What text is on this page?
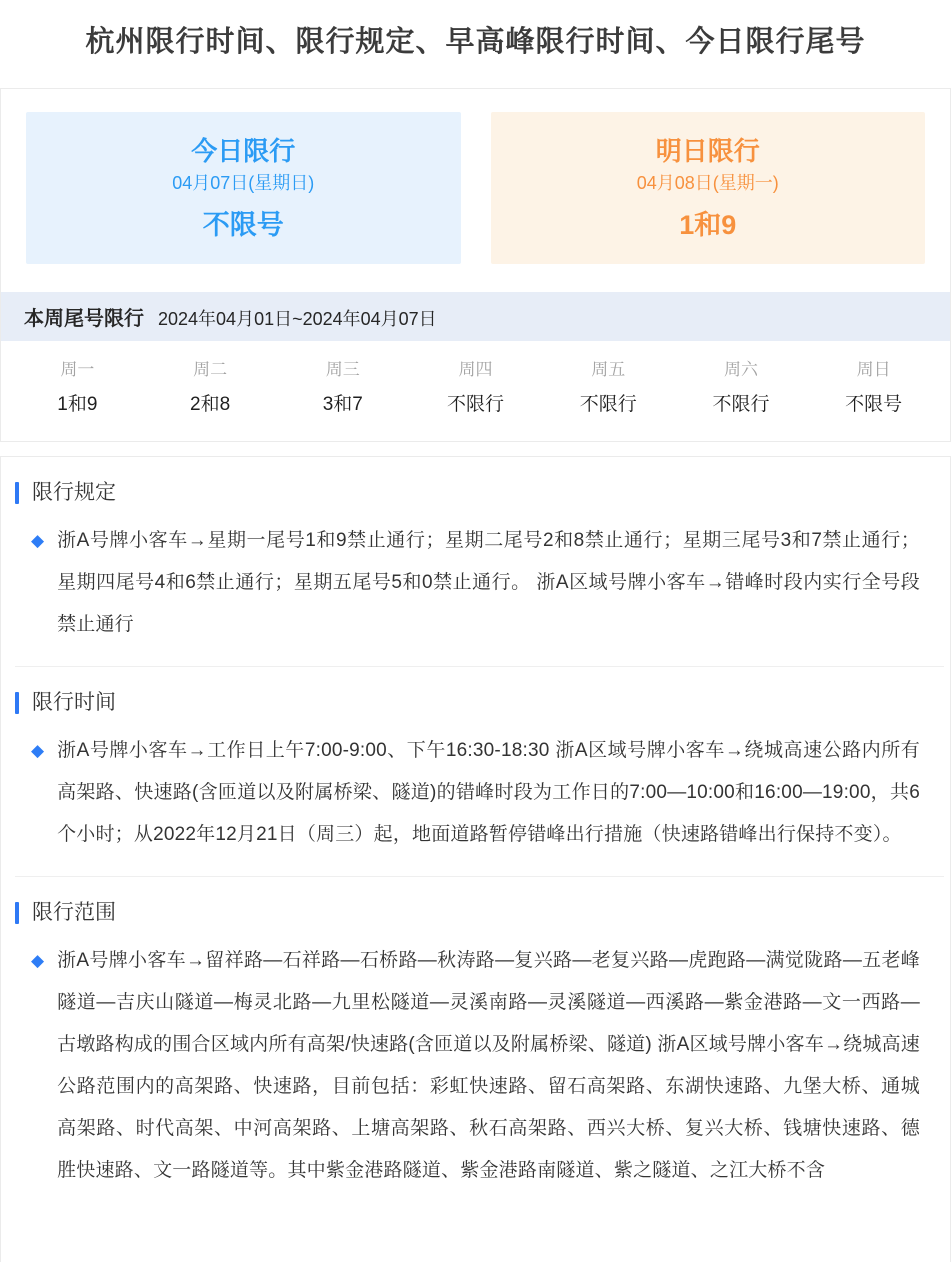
杭州限行时间、限行规定、早高峰限行时间、今日限行尾号
今日限行
04月07日(星期日)
不限号
明日限行
04月08日(星期一)
1和9
本周尾号限行 2024年04月01日~2024年04月07日
周一
1和9
周二
2和8
周三
3和7
周四
不限行
周五
不限行
周六
不限行
周日
不限号
限行规定
◆ 浙A号牌小客车→星期一尾号1和9禁止通行；星期二尾号2和8禁止通行；星期三尾号3和7禁止通行；星期四尾号4和6禁止通行；星期五尾号5和0禁止通行。 浙A区域号牌小客车→错峰时段内实行全号段禁止通行

限行时间
◆ 浙A号牌小客车→工作日上午7:00-9:00、下午16:30-18:30 浙A区域号牌小客车→绕城高速公路内所有高架路、快速路(含匝道以及附属桥梁、隧道)的错峰时段为工作日的7:00—10:00和16:00—19:00，共6个小时；从2022年12月21日（周三）起，地面道路暂停错峰出行措施（快速路错峰出行保持不变）。

限行范围
◆ 浙A号牌小客车→留祥路—石祥路—石桥路—秋涛路—复兴路—老复兴路—虎跑路—满觉陇路—五老峰隧道—吉庆山隧道—梅灵北路—九里松隧道—灵溪南路—灵溪隧道—西溪路—紫金港路—文一西路—古墩路构成的围合区域内所有高架/快速路(含匝道以及附属桥梁、隧道) 浙A区域号牌小客车→绕城高速公路范围内的高架路、快速路，目前包括：彩虹快速路、留石高架路、东湖快速路、九堡大桥、通城高架路、时代高架、中河高架路、上塘高架路、秋石高架路、西兴大桥、复兴大桥、钱塘快速路、德胜快速路、文一路隧道等。其中紫金港路隧道、紫金港路南隧道、紫之隧道、之江大桥不含
